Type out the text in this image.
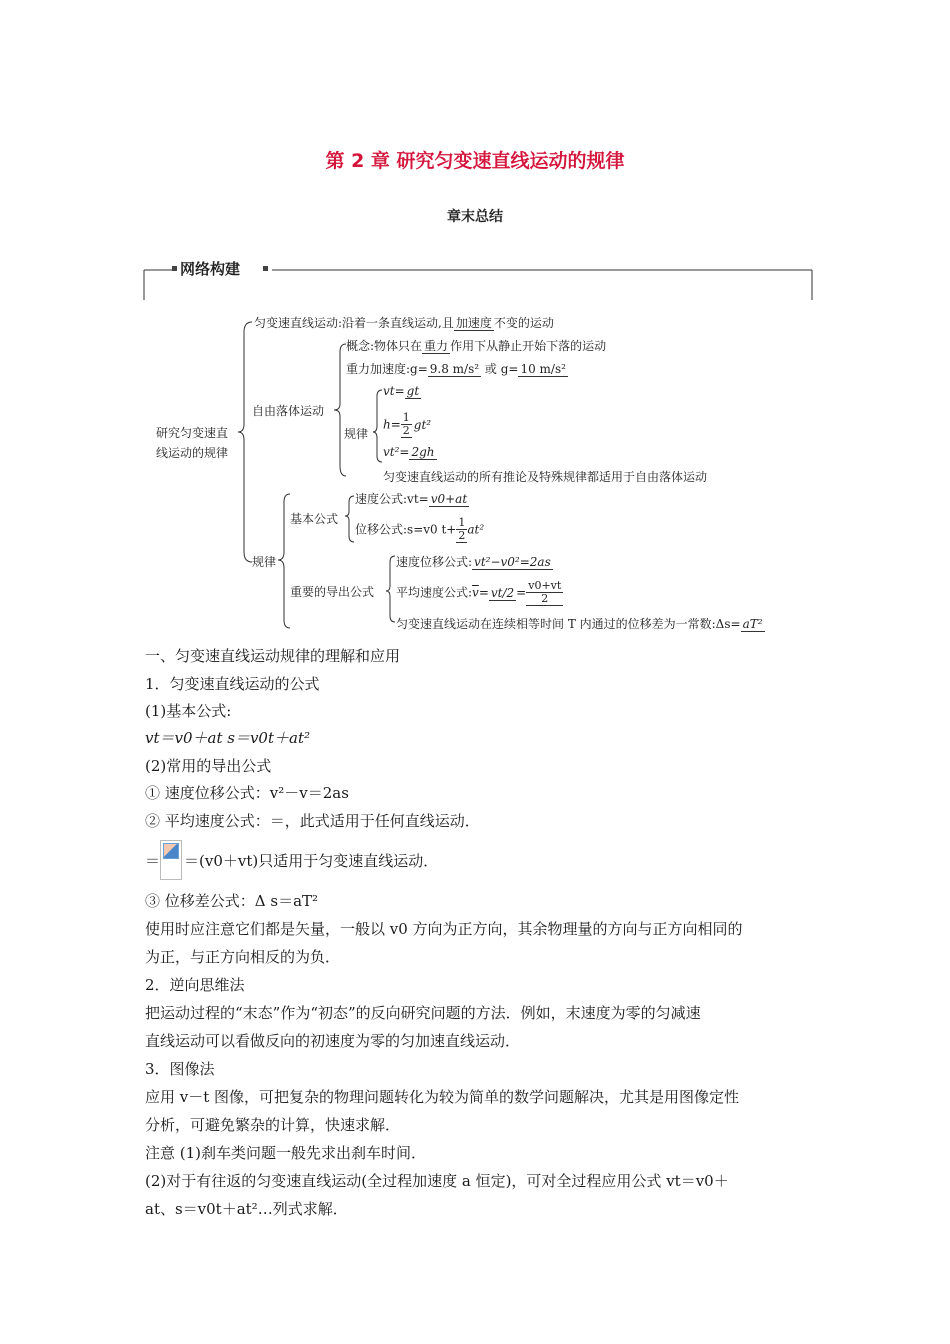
第 2 章 研究匀变速直线运动的规律
章末总结
网络构建
研究匀变速直
线运动的规律
匀变速直线运动:沿着一条直线运动,且 加速度 不变的运动
自由落体运动
概念:物体只在 重力 作用下从静止开始下落的运动
重力加速度:g= 9.8 m/s² 或 g= 10 m/s²
规律
vt= gt
$h= \frac{1}{2} gt^2$
vt²= 2gh
匀变速直线运动的所有推论及特殊规律都适用于自由落体运动
规律
基本公式
速度公式:vt= v0+at
位移公式:s=v0 $t+ \frac{1}{2} at^2$
重要的导出公式
速度位移公式: vt²−v0²=2as
平均速度公式$:\overline{v}= vt/2 = \frac{v0+vt}{2}$
匀变速直线运动在连续相等时间 T 内通过的位移差为一常数:Δs= aT²
一、匀变速直线运动规律的理解和应用
1．匀变速直线运动的公式
(1)基本公式:
vt＝v0＋at s＝v0t＋at²
(2)常用的导出公式
① 速度位移公式：v²－v＝2as
② 平均速度公式：＝，此式适用于任何直线运动．
＝ ＝(v0＋vt)只适用于匀变速直线运动．
③ 位移差公式：Δ s＝aT²
使用时应注意它们都是矢量，一般以 v0 方向为正方向，其余物理量的方向与正方向相同的
为正，与正方向相反的为负．
2．逆向思维法
把运动过程的“末态”作为“初态”的反向研究问题的方法．例如，末速度为零的匀减速
直线运动可以看做反向的初速度为零的匀加速直线运动．
3．图像法
应用 v－t 图像，可把复杂的物理问题转化为较为简单的数学问题解决，尤其是用图像定性
分析，可避免繁杂的计算，快速求解．
注意 (1)刹车类问题一般先求出刹车时间．
(2)对于有往返的匀变速直线运动(全过程加速度 a 恒定)，可对全过程应用公式 vt＝v0＋
at、s＝v0t＋at²…列式求解．
